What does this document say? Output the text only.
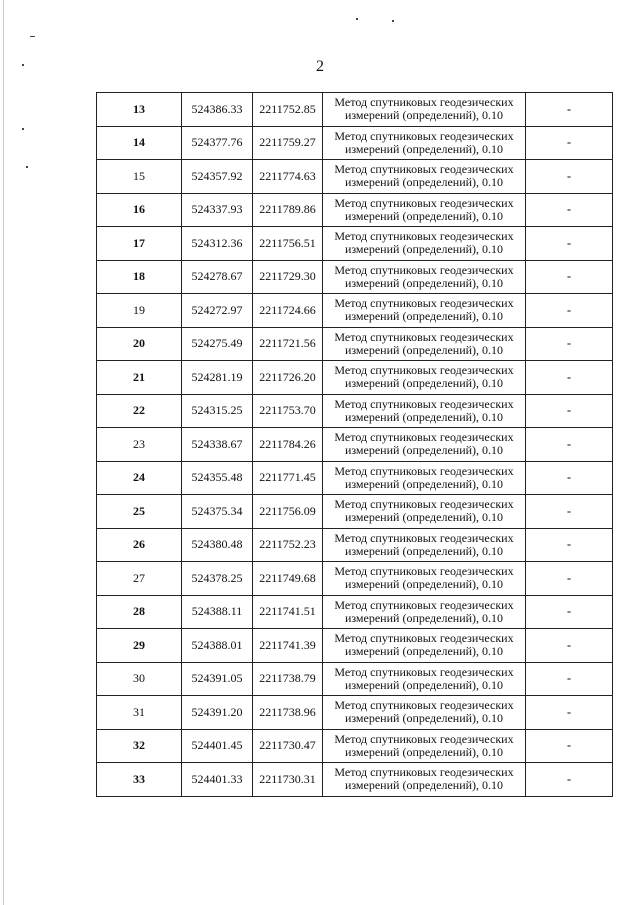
2
13	524386.33	2211752.85	Метод спутниковых геодезических
измерений (определений), 0.10	-
14	524377.76	2211759.27	Метод спутниковых геодезических
измерений (определений), 0.10	-
15	524357.92	2211774.63	Метод спутниковых геодезических
измерений (определений), 0.10	-
16	524337.93	2211789.86	Метод спутниковых геодезических
измерений (определений), 0.10	-
17	524312.36	2211756.51	Метод спутниковых геодезических
измерений (определений), 0.10	-
18	524278.67	2211729.30	Метод спутниковых геодезических
измерений (определений), 0.10	-
19	524272.97	2211724.66	Метод спутниковых геодезических
измерений (определений), 0.10	-
20	524275.49	2211721.56	Метод спутниковых геодезических
измерений (определений), 0.10	-
21	524281.19	2211726.20	Метод спутниковых геодезических
измерений (определений), 0.10	-
22	524315.25	2211753.70	Метод спутниковых геодезических
измерений (определений), 0.10	-
23	524338.67	2211784.26	Метод спутниковых геодезических
измерений (определений), 0.10	-
24	524355.48	2211771.45	Метод спутниковых геодезических
измерений (определений), 0.10	-
25	524375.34	2211756.09	Метод спутниковых геодезических
измерений (определений), 0.10	-
26	524380.48	2211752.23	Метод спутниковых геодезических
измерений (определений), 0.10	-
27	524378.25	2211749.68	Метод спутниковых геодезических
измерений (определений), 0.10	-
28	524388.11	2211741.51	Метод спутниковых геодезических
измерений (определений), 0.10	-
29	524388.01	2211741.39	Метод спутниковых геодезических
измерений (определений), 0.10	-
30	524391.05	2211738.79	Метод спутниковых геодезических
измерений (определений), 0.10	-
31	524391.20	2211738.96	Метод спутниковых геодезических
измерений (определений), 0.10	-
32	524401.45	2211730.47	Метод спутниковых геодезических
измерений (определений), 0.10	-
33	524401.33	2211730.31	Метод спутниковых геодезических
измерений (определений), 0.10	-
